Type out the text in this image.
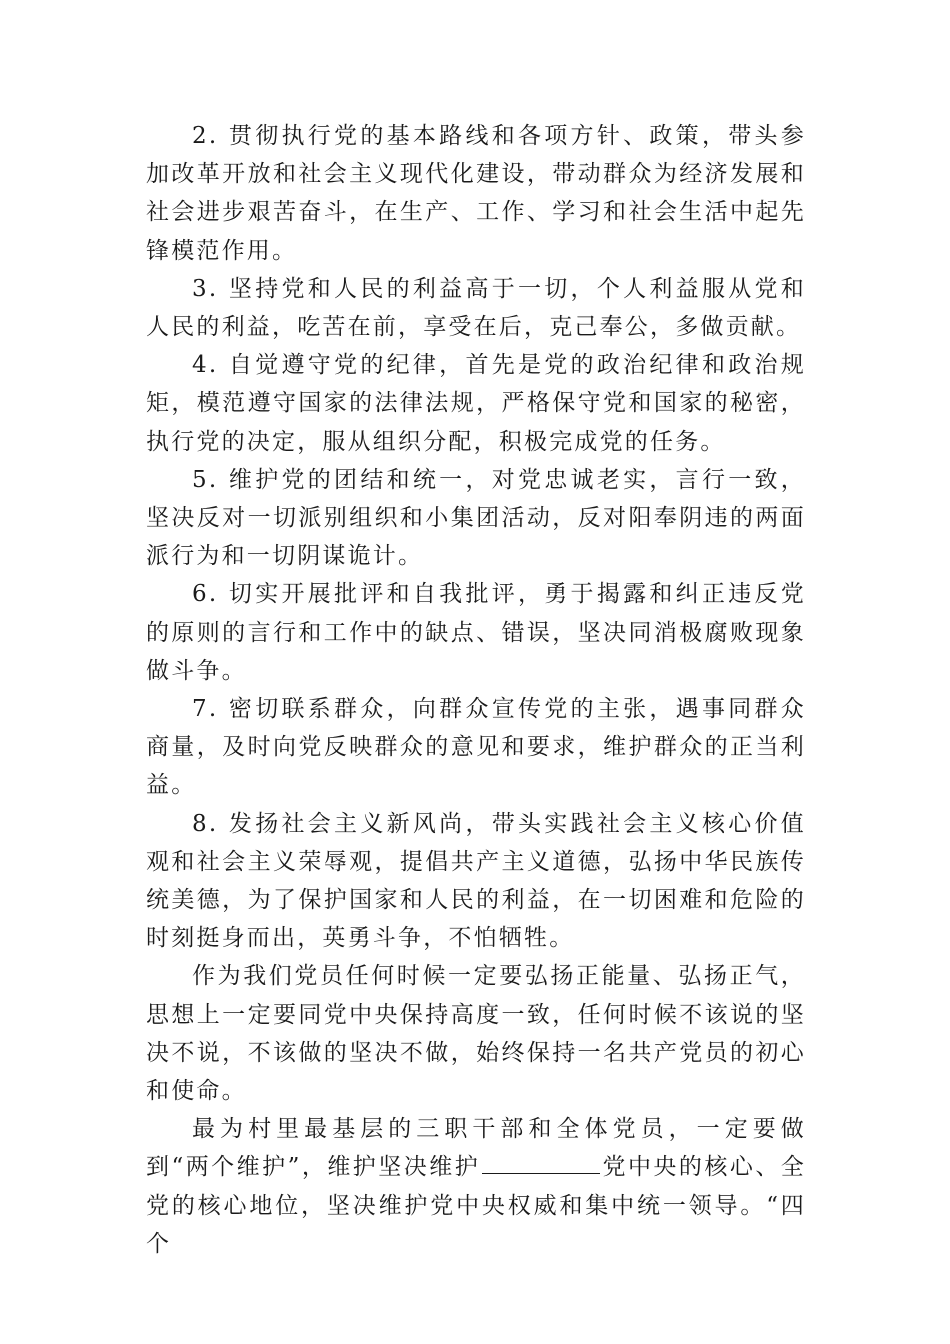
2. 贯彻执行党的基本路线和各项方针、政策，带头参加改革开放和社会主义现代化建设，带动群众为经济发展和社会进步艰苦奋斗，在生产、工作、学习和社会生活中起先锋模范作用。

3. 坚持党和人民的利益高于一切，个人利益服从党和人民的利益，吃苦在前，享受在后，克己奉公，多做贡献。

4. 自觉遵守党的纪律，首先是党的政治纪律和政治规矩，模范遵守国家的法律法规，严格保守党和国家的秘密，执行党的决定，服从组织分配，积极完成党的任务。

5. 维护党的团结和统一，对党忠诚老实，言行一致，坚决反对一切派别组织和小集团活动，反对阳奉阴违的两面派行为和一切阴谋诡计。

6. 切实开展批评和自我批评，勇于揭露和纠正违反党的原则的言行和工作中的缺点、错误，坚决同消极腐败现象做斗争。

7. 密切联系群众，向群众宣传党的主张，遇事同群众商量，及时向党反映群众的意见和要求，维护群众的正当利益。

8. 发扬社会主义新风尚，带头实践社会主义核心价值观和社会主义荣辱观，提倡共产主义道德，弘扬中华民族传统美德，为了保护国家和人民的利益，在一切困难和危险的时刻挺身而出，英勇斗争，不怕牺牲。

作为我们党员任何时候一定要弘扬正能量、弘扬正气，思想上一定要同党中央保持高度一致，任何时候不该说的坚决不说，不该做的坚决不做，始终保持一名共产党员的初心和使命。

最为村里最基层的三职干部和全体党员，一定要做到“两个维护”，维护坚决维护	党中央的核心、全党的核心地位，坚决维护党中央权威和集中统一领导。“四个
